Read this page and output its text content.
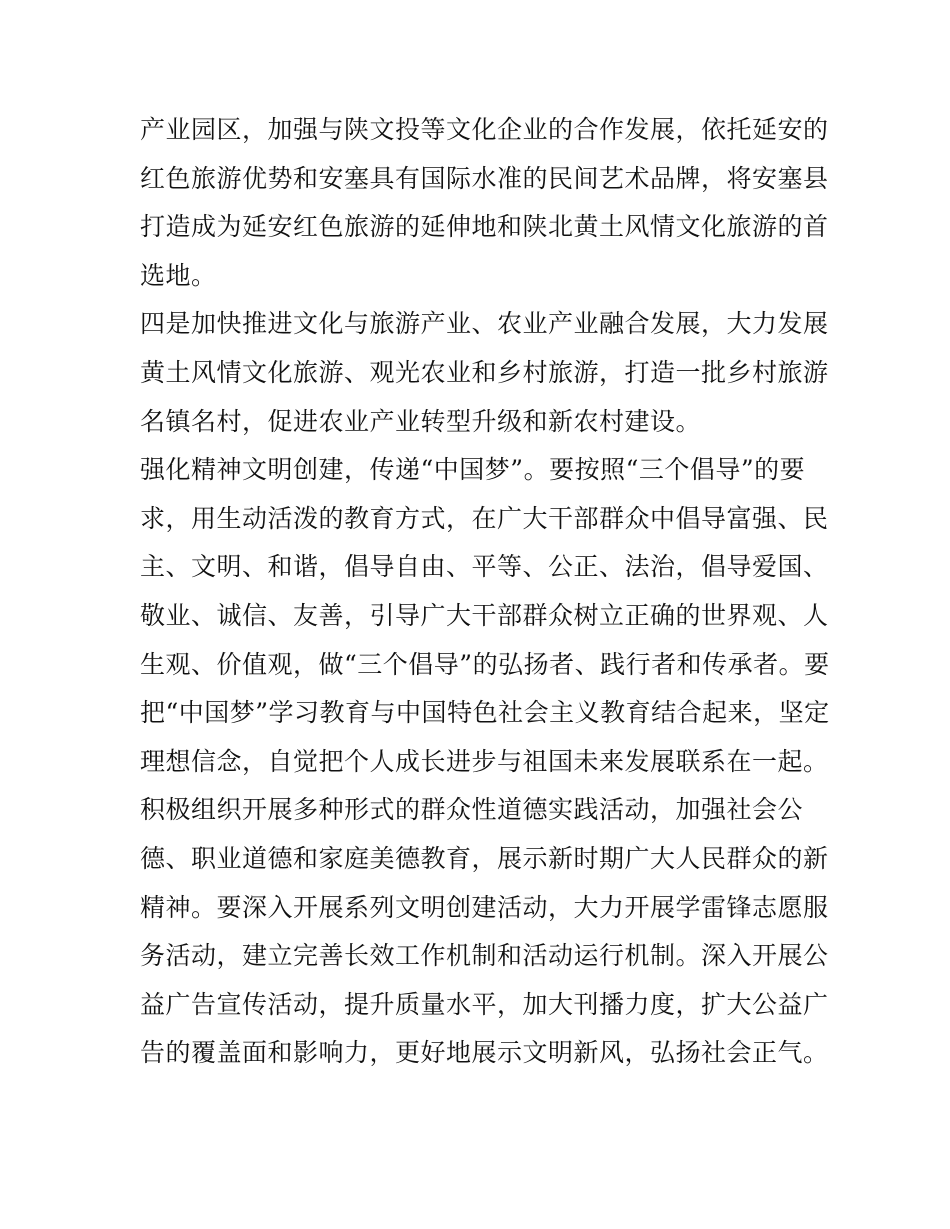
产业园区，加强与陕文投等文化企业的合作发展，依托延安的
红色旅游优势和安塞具有国际水准的民间艺术品牌，将安塞县
打造成为延安红色旅游的延伸地和陕北黄土风情文化旅游的首
选地。
四是加快推进文化与旅游产业、农业产业融合发展，大力发展
黄土风情文化旅游、观光农业和乡村旅游，打造一批乡村旅游
名镇名村，促进农业产业转型升级和新农村建设。
强化精神文明创建，传递“中国梦”。要按照“三个倡导”的要
求，用生动活泼的教育方式，在广大干部群众中倡导富强、民
主、文明、和谐，倡导自由、平等、公正、法治，倡导爱国、
敬业、诚信、友善，引导广大干部群众树立正确的世界观、人
生观、价值观，做“三个倡导”的弘扬者、践行者和传承者。要
把“中国梦”学习教育与中国特色社会主义教育结合起来，坚定
理想信念，自觉把个人成长进步与祖国未来发展联系在一起。
积极组织开展多种形式的群众性道德实践活动，加强社会公
德、职业道德和家庭美德教育，展示新时期广大人民群众的新
精神。要深入开展系列文明创建活动，大力开展学雷锋志愿服
务活动，建立完善长效工作机制和活动运行机制。深入开展公
益广告宣传活动，提升质量水平，加大刊播力度，扩大公益广
告的覆盖面和影响力，更好地展示文明新风，弘扬社会正气。
